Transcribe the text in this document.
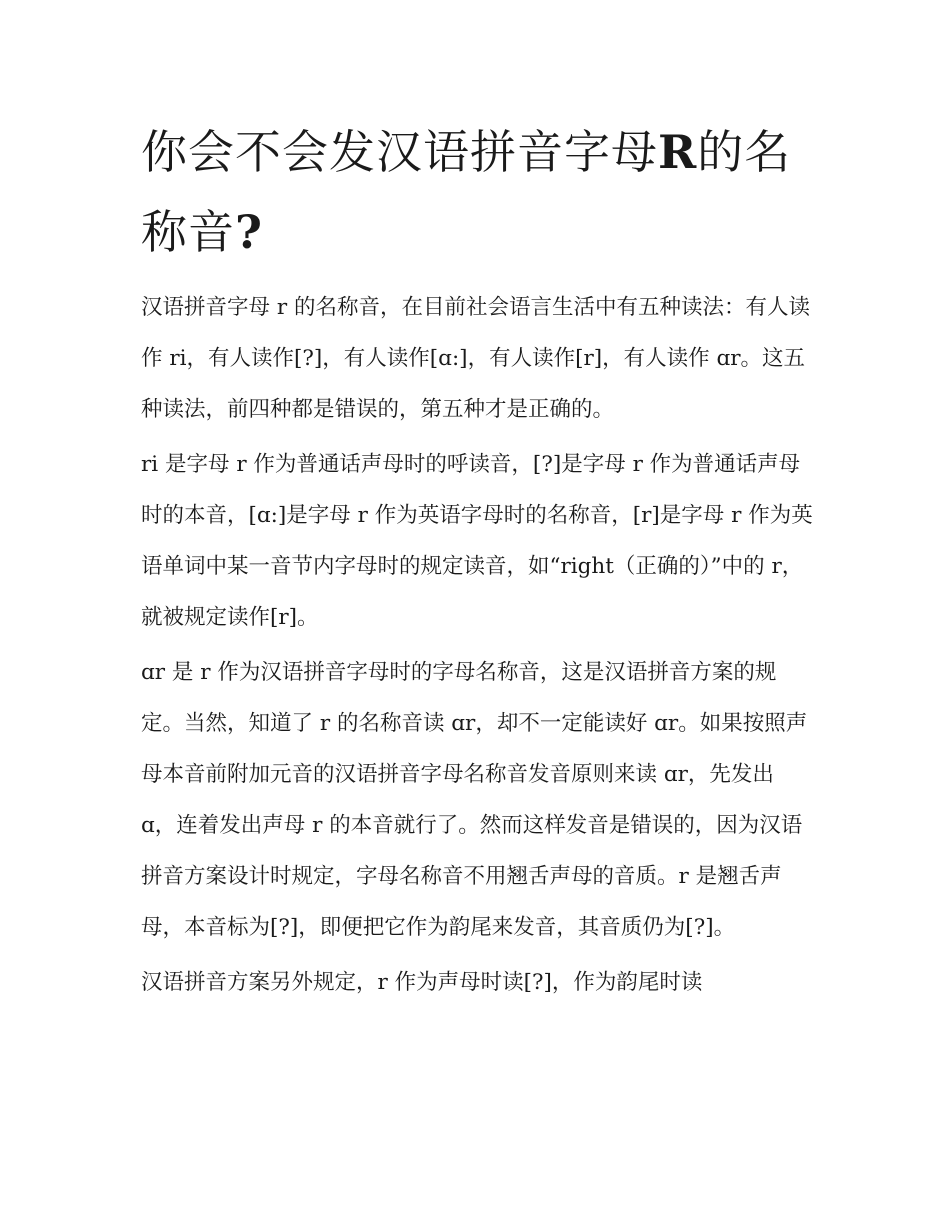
你会不会发汉语拼音字母R的名称音?

汉语拼音字母 r 的名称音，在目前社会语言生活中有五种读法：有人读作 ri，有人读作[?]，有人读作[ɑ:]，有人读作[r]，有人读作 ɑr。这五种读法，前四种都是错误的，第五种才是正确的。

ri 是字母 r 作为普通话声母时的呼读音，[?]是字母 r 作为普通话声母时的本音，[ɑ:]是字母 r 作为英语字母时的名称音，[r]是字母 r 作为英语单词中某一音节内字母时的规定读音，如“right（正确的）”中的 r，就被规定读作[r]。

ɑr 是 r 作为汉语拼音字母时的字母名称音，这是汉语拼音方案的规定。当然，知道了 r 的名称音读 ɑr，却不一定能读好 ɑr。如果按照声母本音前附加元音的汉语拼音字母名称音发音原则来读 ɑr，先发出 ɑ，连着发出声母 r 的本音就行了。然而这样发音是错误的，因为汉语拼音方案设计时规定，字母名称音不用翘舌声母的音质。r 是翘舌声母，本音标为[?]，即便把它作为韵尾来发音，其音质仍为[?]。

汉语拼音方案另外规定，r 作为声母时读[?]，作为韵尾时读
